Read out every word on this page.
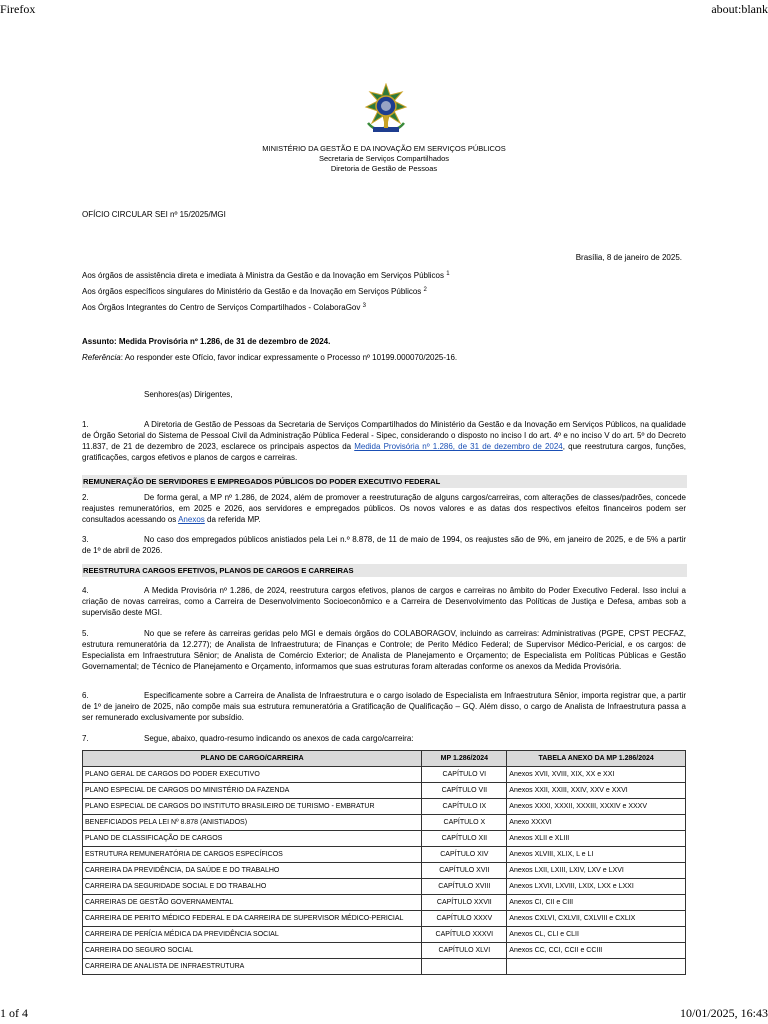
Firefox	about:blank
MINISTÉRIO DA GESTÃO E DA INOVAÇÃO EM SERVIÇOS PÚBLICOS
Secretaria de Serviços Compartilhados
Diretoria de Gestão de Pessoas
OFÍCIO CIRCULAR SEI nº 15/2025/MGI
Brasília, 8 de janeiro de 2025.
Aos órgãos de assistência direta e imediata à Ministra da Gestão e da Inovação em Serviços Públicos $^1$
Aos órgãos específicos singulares do Ministério da Gestão e da Inovação em Serviços Públicos $^2$
Aos Órgãos Integrantes do Centro de Serviços Compartilhados - ColaboraGov $^3$
Assunto: Medida Provisória nº 1.286, de 31 de dezembro de 2024.
Referência: Ao responder este Ofício, favor indicar expressamente o Processo nº 10199.000070/2025-16.
Senhores(as) Dirigentes,
1.	A Diretoria de Gestão de Pessoas da Secretaria de Serviços Compartilhados do Ministério da Gestão e da Inovação em Serviços Públicos, na qualidade de Órgão Setorial do Sistema de Pessoal Civil da Administração Pública Federal - Sipec, considerando o disposto no inciso I do art. 4º e no inciso V do art. 5º do Decreto 11.837, de 21 de dezembro de 2023, esclarece os principais aspectos da Medida Provisória nº 1.286, de 31 de dezembro de 2024, que reestrutura cargos, funções, gratificações, cargos efetivos e planos de cargos e carreiras.
REMUNERAÇÃO DE SERVIDORES E EMPREGADOS PÚBLICOS DO PODER EXECUTIVO FEDERAL
2.	De forma geral, a MP nº 1.286, de 2024, além de promover a reestruturação de alguns cargos/carreiras, com alterações de classes/padrões, concede reajustes remuneratórios, em 2025 e 2026, aos servidores e empregados públicos. Os novos valores e as datas dos respectivos efeitos financeiros podem ser consultados acessando os Anexos da referida MP.
3.	No caso dos empregados públicos anistiados pela Lei n.º 8.878, de 11 de maio de 1994, os reajustes são de 9%, em janeiro de 2025, e de 5% a partir de 1º de abril de 2026.
REESTRUTURA CARGOS EFETIVOS, PLANOS DE CARGOS E CARREIRAS
4.	A Medida Provisória nº 1.286, de 2024, reestrutura cargos efetivos, planos de cargos e carreiras no âmbito do Poder Executivo Federal. Isso inclui a criação de novas carreiras, como a Carreira de Desenvolvimento Socioeconômico e a Carreira de Desenvolvimento das Políticas de Justiça e Defesa, ambas sob a supervisão deste MGI.
5.	No que se refere às carreiras geridas pelo MGI e demais órgãos do COLABORAGOV, incluindo as carreiras: Administrativas (PGPE, CPST PECFAZ, estrutura remuneratória da 12.277); de Analista de Infraestrutura; de Finanças e Controle; de Perito Médico Federal; de Supervisor Médico-Pericial, e os cargos: de Especialista em Infraestrutura Sênior; de Analista de Comércio Exterior; de Analista de Planejamento e Orçamento; de Especialista em Políticas Públicas e Gestão Governamental; de Técnico de Planejamento e Orçamento, informamos que suas estruturas foram alteradas conforme os anexos da Medida Provisória.
6.	Especificamente sobre a Carreira de Analista de Infraestrutura e o cargo isolado de Especialista em Infraestrutura Sênior, importa registrar que, a partir de 1º de janeiro de 2025, não compõe mais sua estrutura remuneratória a Gratificação de Qualificação – GQ. Além disso, o cargo de Analista de Infraestrutura passa a ser remunerado exclusivamente por subsídio.
7.	Segue, abaixo, quadro-resumo indicando os anexos de cada cargo/carreira:
PLANO DE CARGO/CARREIRA	MP 1.286/2024	TABELA ANEXO DA MP 1.286/2024
PLANO GERAL DE CARGOS DO PODER EXECUTIVO	CAPÍTULO VI	Anexos XVII, XVIII, XIX, XX e XXI
PLANO ESPECIAL DE CARGOS DO MINISTÉRIO DA FAZENDA	CAPÍTULO VII	Anexos XXII, XXIII, XXIV, XXV e XXVI
PLANO ESPECIAL DE CARGOS DO INSTITUTO BRASILEIRO DE TURISMO - EMBRATUR	CAPÍTULO IX	Anexos XXXI, XXXII, XXXIII, XXXIV e XXXV
BENEFICIADOS PELA LEI Nº 8.878 (ANISTIADOS)	CAPÍTULO X	Anexo XXXVI
PLANO DE CLASSIFICAÇÃO DE CARGOS	CAPÍTULO XII	Anexos XLII e XLIII
ESTRUTURA REMUNERATÓRIA DE CARGOS ESPECÍFICOS	CAPÍTULO XIV	Anexos XLVIII, XLIX, L e LI
CARREIRA DA PREVIDÊNCIA, DA SAÚDE E DO TRABALHO	CAPÍTULO XVII	Anexos LXII, LXIII, LXIV, LXV e LXVI
CARREIRA DA SEGURIDADE SOCIAL E DO TRABALHO	CAPÍTULO XVIII	Anexos LXVII, LXVIII, LXIX, LXX e LXXI
CARREIRAS DE GESTÃO GOVERNAMENTAL	CAPÍTULO XXVII	Anexos CI, CII e CIII
CARREIRA DE PERITO MÉDICO FEDERAL E DA CARREIRA DE SUPERVISOR MÉDICO-PERICIAL	CAPÍTULO XXXV	Anexos CXLVI, CXLVII, CXLVIII e CXLIX
CARREIRA DE PERÍCIA MÉDICA DA PREVIDÊNCIA SOCIAL	CAPÍTULO XXXVI	Anexos CL, CLI e CLII
CARREIRA DO SEGURO SOCIAL	CAPÍTULO XLVI	Anexos CC, CCI, CCII e CCIII
CARREIRA DE ANALISTA DE INFRAESTRUTURA		
1 of 4	10/01/2025, 16:43
